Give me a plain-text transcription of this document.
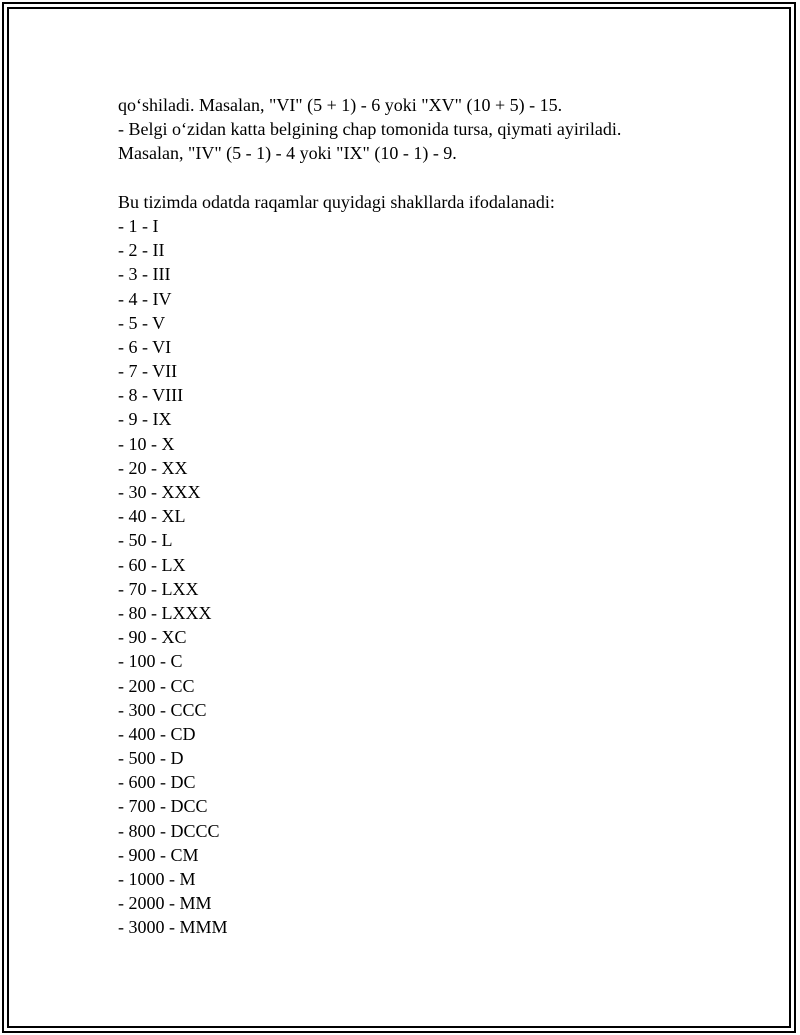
qo‘shiladi. Masalan, "VI" (5 + 1) - 6 yoki "XV" (10 + 5) - 15.
- Belgi o‘zidan katta belgining chap tomonida tursa, qiymati ayiriladi.
Masalan, "IV" (5 - 1) - 4 yoki "IX" (10 - 1) - 9.
Bu tizimda odatda raqamlar quyidagi shakllarda ifodalanadi:
- 1 - I
- 2 - II
- 3 - III
- 4 - IV
- 5 - V
- 6 - VI
- 7 - VII
- 8 - VIII
- 9 - IX
- 10 - X
- 20 - XX
- 30 - XXX
- 40 - XL
- 50 - L
- 60 - LX
- 70 - LXX
- 80 - LXXX
- 90 - XC
- 100 - C
- 200 - CC
- 300 - CCC
- 400 - CD
- 500 - D
- 600 - DC
- 700 - DCC
- 800 - DCCC
- 900 - CM
- 1000 - M
- 2000 - MM
- 3000 - MMM
